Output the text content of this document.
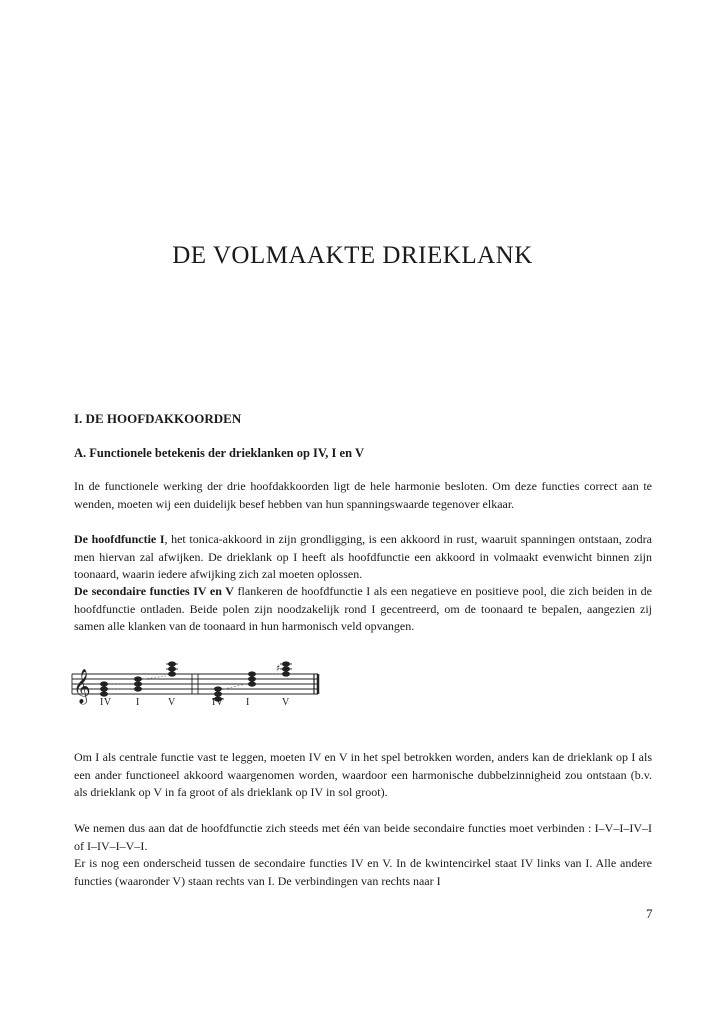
DE VOLMAAKTE DRIEKLANK
I. DE HOOFDAKKOORDEN
A. Functionele betekenis der drieklanken op IV, I en V
In de functionele werking der drie hoofdakkoorden ligt de hele harmonie besloten. Om deze functies correct aan te wenden, moeten wij een duidelijk besef hebben van hun spanningswaarde tegenover elkaar.
De hoofdfunctie I, het tonica-akkoord in zijn grondligging, is een akkoord in rust, waaruit spanningen ontstaan, zodra men hiervan zal afwijken. De drieklank op I heeft als hoofdfunctie een akkoord in volmaakt evenwicht binnen zijn toonaard, waarin iedere afwijking zich zal moeten oplossen.
De secondaire functies IV en V flankeren de hoofdfunctie I als een negatieve en positieve pool, die zich beiden in de hoofdfunctie ontladen. Beide polen zijn noodzakelijk rond I gecentreerd, om de toonaard te bepalen, aangezien zij samen alle klanken van de toonaard in hun harmonisch veld opvangen.
𝄞	♯
IV I	V	IV I	V
Om I als centrale functie vast te leggen, moeten IV en V in het spel betrokken worden, anders kan de drieklank op I als een ander functioneel akkoord waargenomen worden, waardoor een harmonische dubbelzinnigheid zou ontstaan (b.v. als drieklank op V in fa groot of als drieklank op IV in sol groot).
We nemen dus aan dat de hoofdfunctie zich steeds met één van beide secondaire functies moet verbinden : I–V–I–IV–I of I–IV–I–V–I.
Er is nog een onderscheid tussen de secondaire functies IV en V. In de kwintencirkel staat IV links van I. Alle andere functies (waaronder V) staan rechts van I. De verbindingen van rechts naar I
7
